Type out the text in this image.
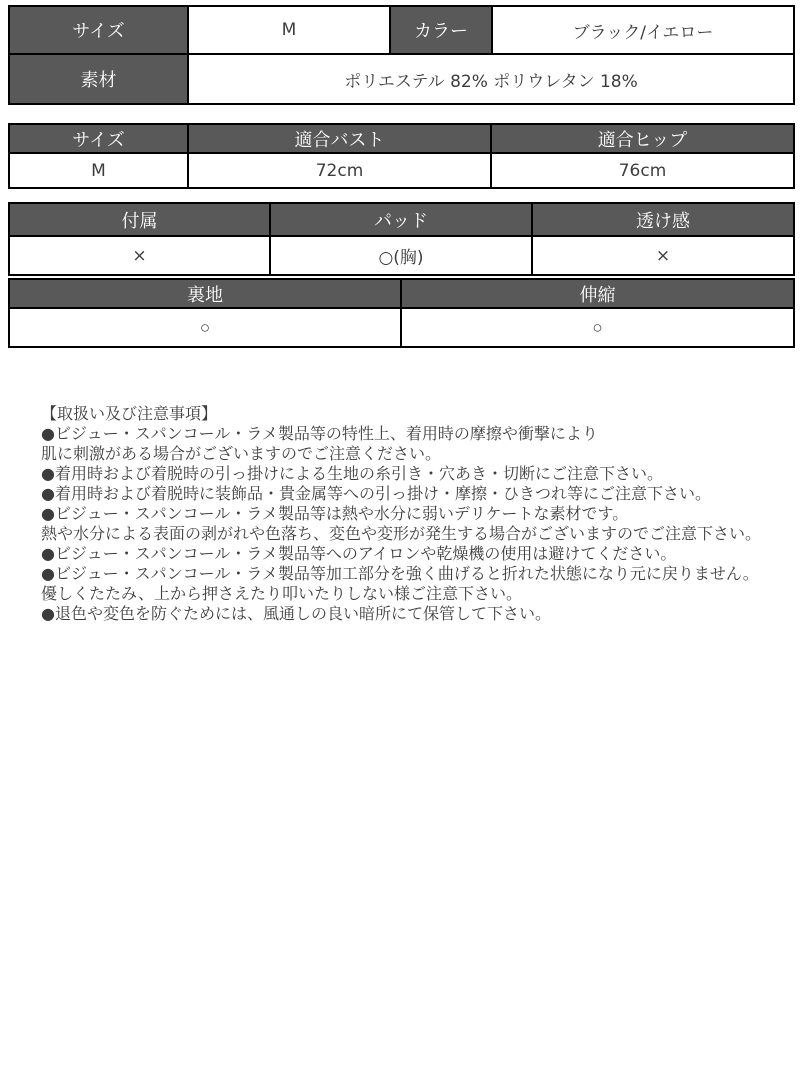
サイズ	M	カラー	ブラック/イエロー
素材	ポリエステル 82% ポリウレタン 18%		
サイズ	適合バスト	適合ヒップ
M	72cm	76cm
付属	パッド	透け感
×	○(胸)	×
裏地	伸縮
○	○
【取扱い及び注意事項】
●ビジュー・スパンコール・ラメ製品等の特性上、着用時の摩擦や衝撃により
肌に刺激がある場合がございますのでご注意ください。
●着用時および着脱時の引っ掛けによる生地の糸引き・穴あき・切断にご注意下さい。
●着用時および着脱時に装飾品・貴金属等への引っ掛け・摩擦・ひきつれ等にご注意下さい。
●ビジュー・スパンコール・ラメ製品等は熱や水分に弱いデリケートな素材です。
熱や水分による表面の剥がれや色落ち、変色や変形が発生する場合がございますのでご注意下さい。
●ビジュー・スパンコール・ラメ製品等へのアイロンや乾燥機の使用は避けてください。
●ビジュー・スパンコール・ラメ製品等加工部分を強く曲げると折れた状態になり元に戻りません。
優しくたたみ、上から押さえたり叩いたりしない様ご注意下さい。
●退色や変色を防ぐためには、風通しの良い暗所にて保管して下さい。
